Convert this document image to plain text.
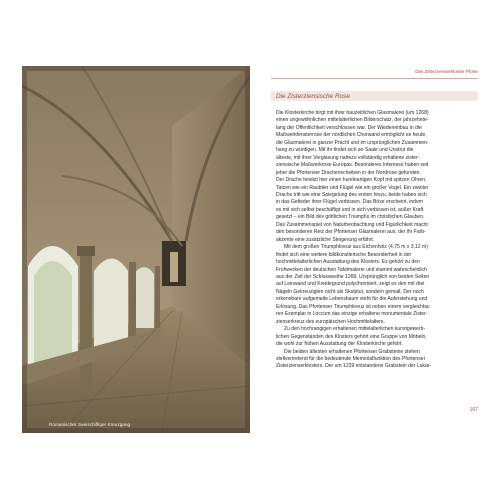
Romanischer zweischiffiger Kreuzgang
Das Zisterzienserkloster Pforte
Die Zisterziensische Rose
Die Klosterkirche birgt mit ihrer bauzeitlichen Glasmalerei (um 1268)
einen ungewöhnlichen mittelalterlichen Bilderschatz, der jahrzehnte-
lang der Öffentlichkeit verschlossen war. Der Wiedereinbau in die
Maßwerkfensterrose der nördlichen Chorwand ermöglicht es heute,
die Glasmalerei in ganzer Pracht und im ursprünglichen Zusammen-
hang zu würdigen. Mit ihr findet sich an Saale und Unstrut die
älteste, mit ihrer Verglasung nahezu vollständig erhaltene zister-
ziensische Maßwerkrose Europas. Besonderes Interesse haben seit
jeher die Pfortenser Drachenscheiben in der Nordrose gefunden.
Der Drache besitzt hier einen hundeartigen Kopf mit spitzen Ohren,
Tatzen wie ein Raubtier und Flügel wie ein großer Vogel. Ein zweiter
Drache tritt wie eine Spiegelung des ersten hinzu, beide haben sich
in das Gefieder ihrer Flügel verbissen. Das Böse erscheint, indem
es mit sich selbst beschäftigt und in sich verbissen ist, außer Kraft
gesetzt – ein Bild des göttlichen Triumphs im christlichen Glauben.
Das Zusammenspiel von Naturbeobachtung und Figürlichkeit macht
den besonderen Reiz der Pfortenser Glasmalerei aus, der ihr Farb-
akzente eine zusätzliche Steigerung erfährt.
Mit dem großen Triumphkreuz aus Eichenholz (4,75 m x 3,12 m)
findet sich eine weitere bildkünstlerische Besonderheit in der
hochmittelalterlichen Ausstattung des Klosters. Es gehört zu den
Frühwerken der deutschen Tafelmalerei und stammt wahrscheinlich
aus der Zeit der Schlussweihe 1268. Ursprünglich von beiden Seiten
auf Leinwand und Kreidegrund polychromiert, zeigt es den mit drei
Nägeln Gekreuzigten nicht als Skulptur, sondern gemalt. Der noch
erkennbare aufgemalte Lebensbaum steht für die Auferstehung und
Erlösung. Das Pfortenser Triumphkreuz ist neben einem vergleichba-
ren Exemplar in Loccum das einzige erhaltene monumentale Zister-
zienserkreuz des europäischen Hochmittelalters.
Zu den hochrangigen erhaltenen mittelalterlichen kunstgewerb-
lichen Gegenständen des Klosters gehört eine Gruppe von Möbeln,
die wohl zur frühen Ausstattung der Klosterkirche gehört.
Die beiden ältesten erhaltenen Pfortenser Grabsteine stehen
stellvertretend für die bedeutende Memorialfunktion des Pfortenser
Zisterzienserklosters. Der um 1239 entstandene Grabstein der Lukar-
167
